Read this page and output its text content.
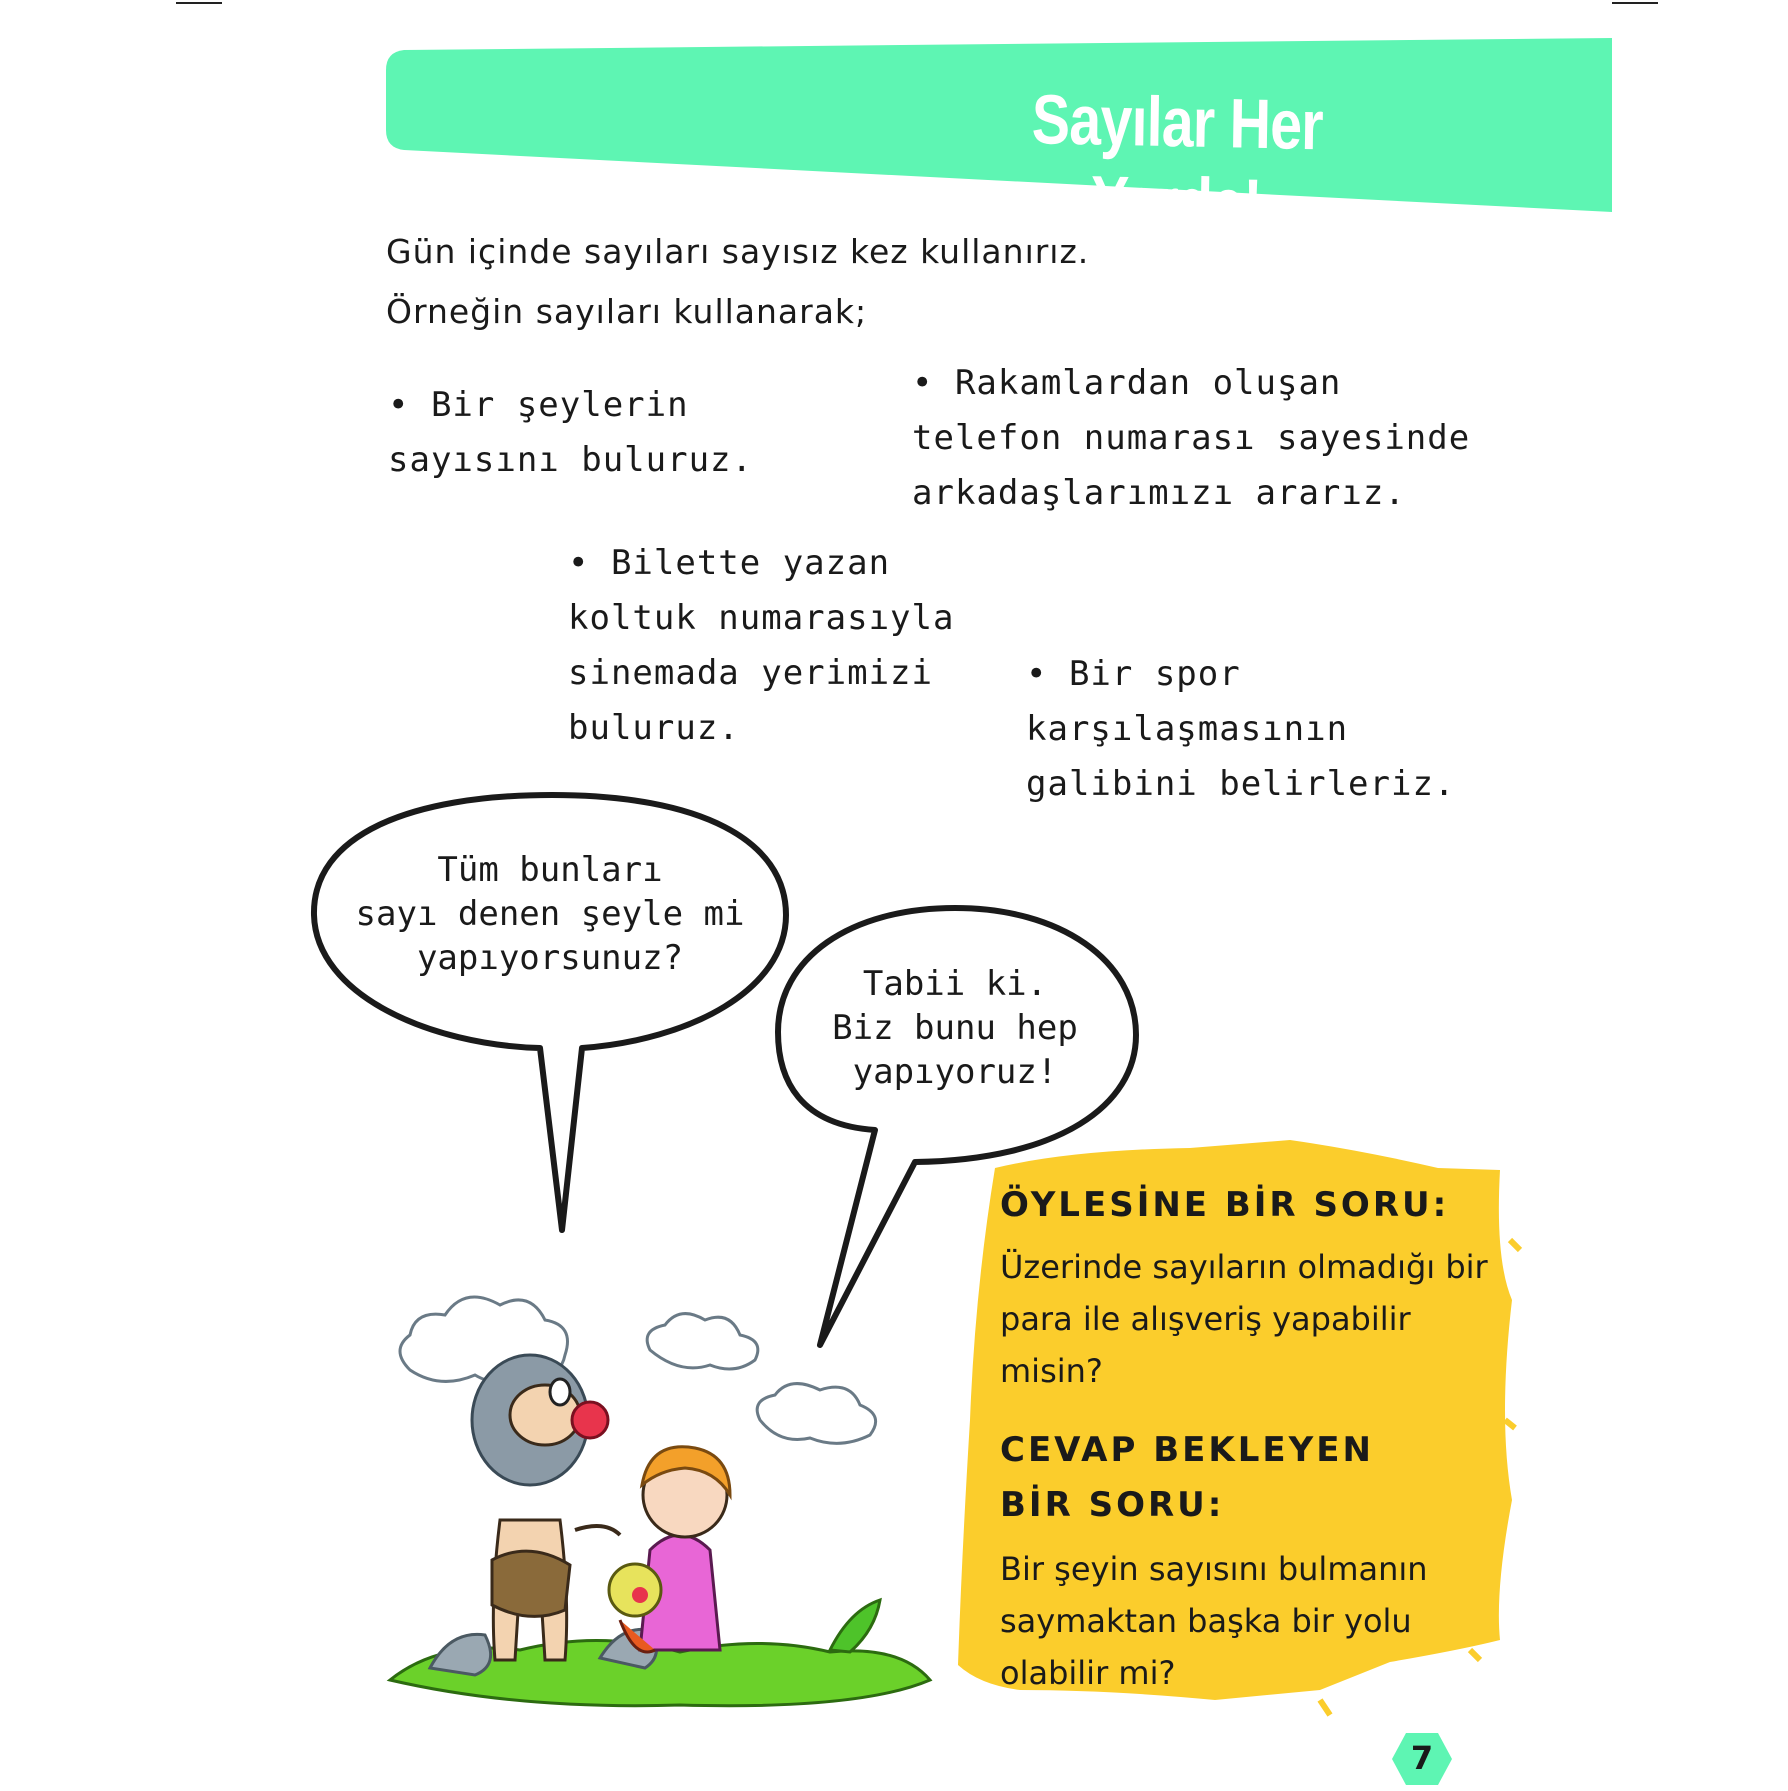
Sayılar Her Yerde!
Gün içinde sayıları sayısız kez kullanırız.
Örneğin sayıları kullanarak;
• Bir şeylerin
sayısını buluruz.
• Rakamlardan oluşan
telefon numarası sayesinde
arkadaşlarımızı ararız.
• Bilette yazan
koltuk numarasıyla
sinemada yerimizi
buluruz.
• Bir spor
karşılaşmasının
galibini belirleriz.
Tüm bunları
sayı denen şeyle mi
yapıyorsunuz?
Tabii ki.
Biz bunu hep
yapıyoruz!
ÖYLESİNE BİR SORU:
Üzerinde sayıların olmadığı bir para ile alışveriş yapabilir misin?
CEVAP BEKLEYEN BİR SORU:
Bir şeyin sayısını bulmanın saymaktan başka bir yolu olabilir mi?
7
